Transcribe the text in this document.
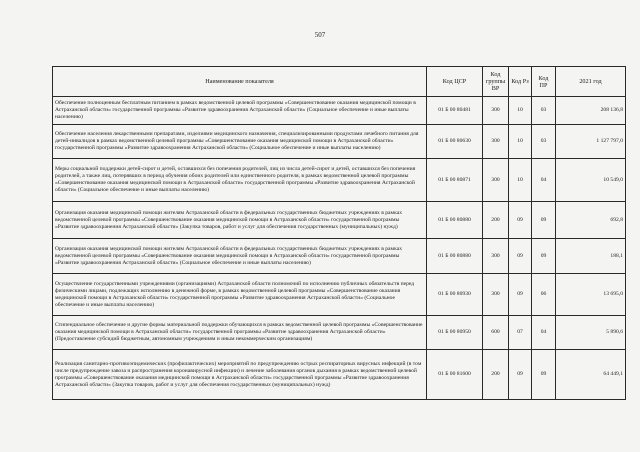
507
Наименование показателя	Код ЦСР	Код группы ВР	Код Рз	Код ПР	2021 год
Обеспечение полноценным бесплатным питанием в рамках ведомственной целевой программы «Совершенствование оказания медицинской помощи в Астраханской области» государственной программы «Развитие здравоохранения Астраханской области» (Социальное обеспечение и иные выплаты населению)	01 Б 00 80481	300	10	03	208 136,8
Обеспечение населения лекарственными препаратами, изделиями медицинского назначения, специализированными продуктами лечебного питания для детей-инвалидов в рамках ведомственной целевой программы «Совершенствование оказания медицинской помощи в Астраханской области» государственной программы «Развитие здравоохранения Астраханской области» (Социальное обеспечение и иные выплаты населению)	01 Б 00 80630	300	10	03	1 127 797,0
Меры социальной поддержки детей-сирот и детей, оставшихся без попечения родителей, лиц из числа детей-сирот и детей, оставшихся без попечения родителей, а также лиц, потерявших в период обучения обоих родителей или единственного родителя, в рамках ведомственной целевой программы «Совершенствование оказания медицинской помощи в Астраханской области» государственной программы «Развитие здравоохранения Астраханской области» (Социальное обеспечение и иные выплаты населению)	01 Б 00 80871	300	10	04	10 549,0
Организация оказания медицинской помощи жителям Астраханской области в федеральных государственных бюджетных учреждениях в рамках ведомственной целевой программы «Совершенствование оказания медицинской помощи в Астраханской области» государственной программы «Развитие здравоохранения Астраханской области» (Закупка товаров, работ и услуг для обеспечения государственных (муниципальных) нужд)	01 Б 00 80880	200	09	09	692,8
Организация оказания медицинской помощи жителям Астраханской области в федеральных государственных бюджетных учреждениях в рамках ведомственной целевой программы «Совершенствование оказания медицинской помощи в Астраханской области» государственной программы «Развитие здравоохранения Астраханской области» (Социальное обеспечение и иные выплаты населению)	01 Б 00 80880	300	09	09	188,1
Осуществление государственными учреждениями (организациями) Астраханской области полномочий по исполнению публичных обязательств перед физическими лицами, подлежащих исполнению в денежной форме, в рамках ведомственной целевой программы «Совершенствование оказания медицинской помощи в Астраханской области» государственной программы «Развитие здравоохранения Астраханской области» (Социальное обеспечение и иные выплаты населению)	01 Б 00 80930	300	09	06	13 695,0
Стипендиальное обеспечение и другие формы материальной поддержки обучающихся в рамках ведомственной целевой программы «Совершенствование оказания медицинской помощи в Астраханской области» государственной программы «Развитие здравоохранения Астраханской области» (Предоставление субсидий бюджетным, автономным учреждениям и иным некоммерческим организациям)	01 Б 00 80950	600	07	04	5 890,6
Реализация санитарно-противоэпидемических (профилактических) мероприятий по предупреждению острых респираторных вирусных инфекций (в том числе предупреждение завоза и распространения коронавирусной инфекции) и лечение заболевания органов дыхания в рамках ведомственной целевой программы «Совершенствование оказания медицинской помощи в Астраханской области» государственной программы «Развитие здравоохранения Астраханской области» (Закупка товаров, работ и услуг для обеспечения государственных (муниципальных) нужд)	01 Б 00 81600	200	09	09	64 449,1
